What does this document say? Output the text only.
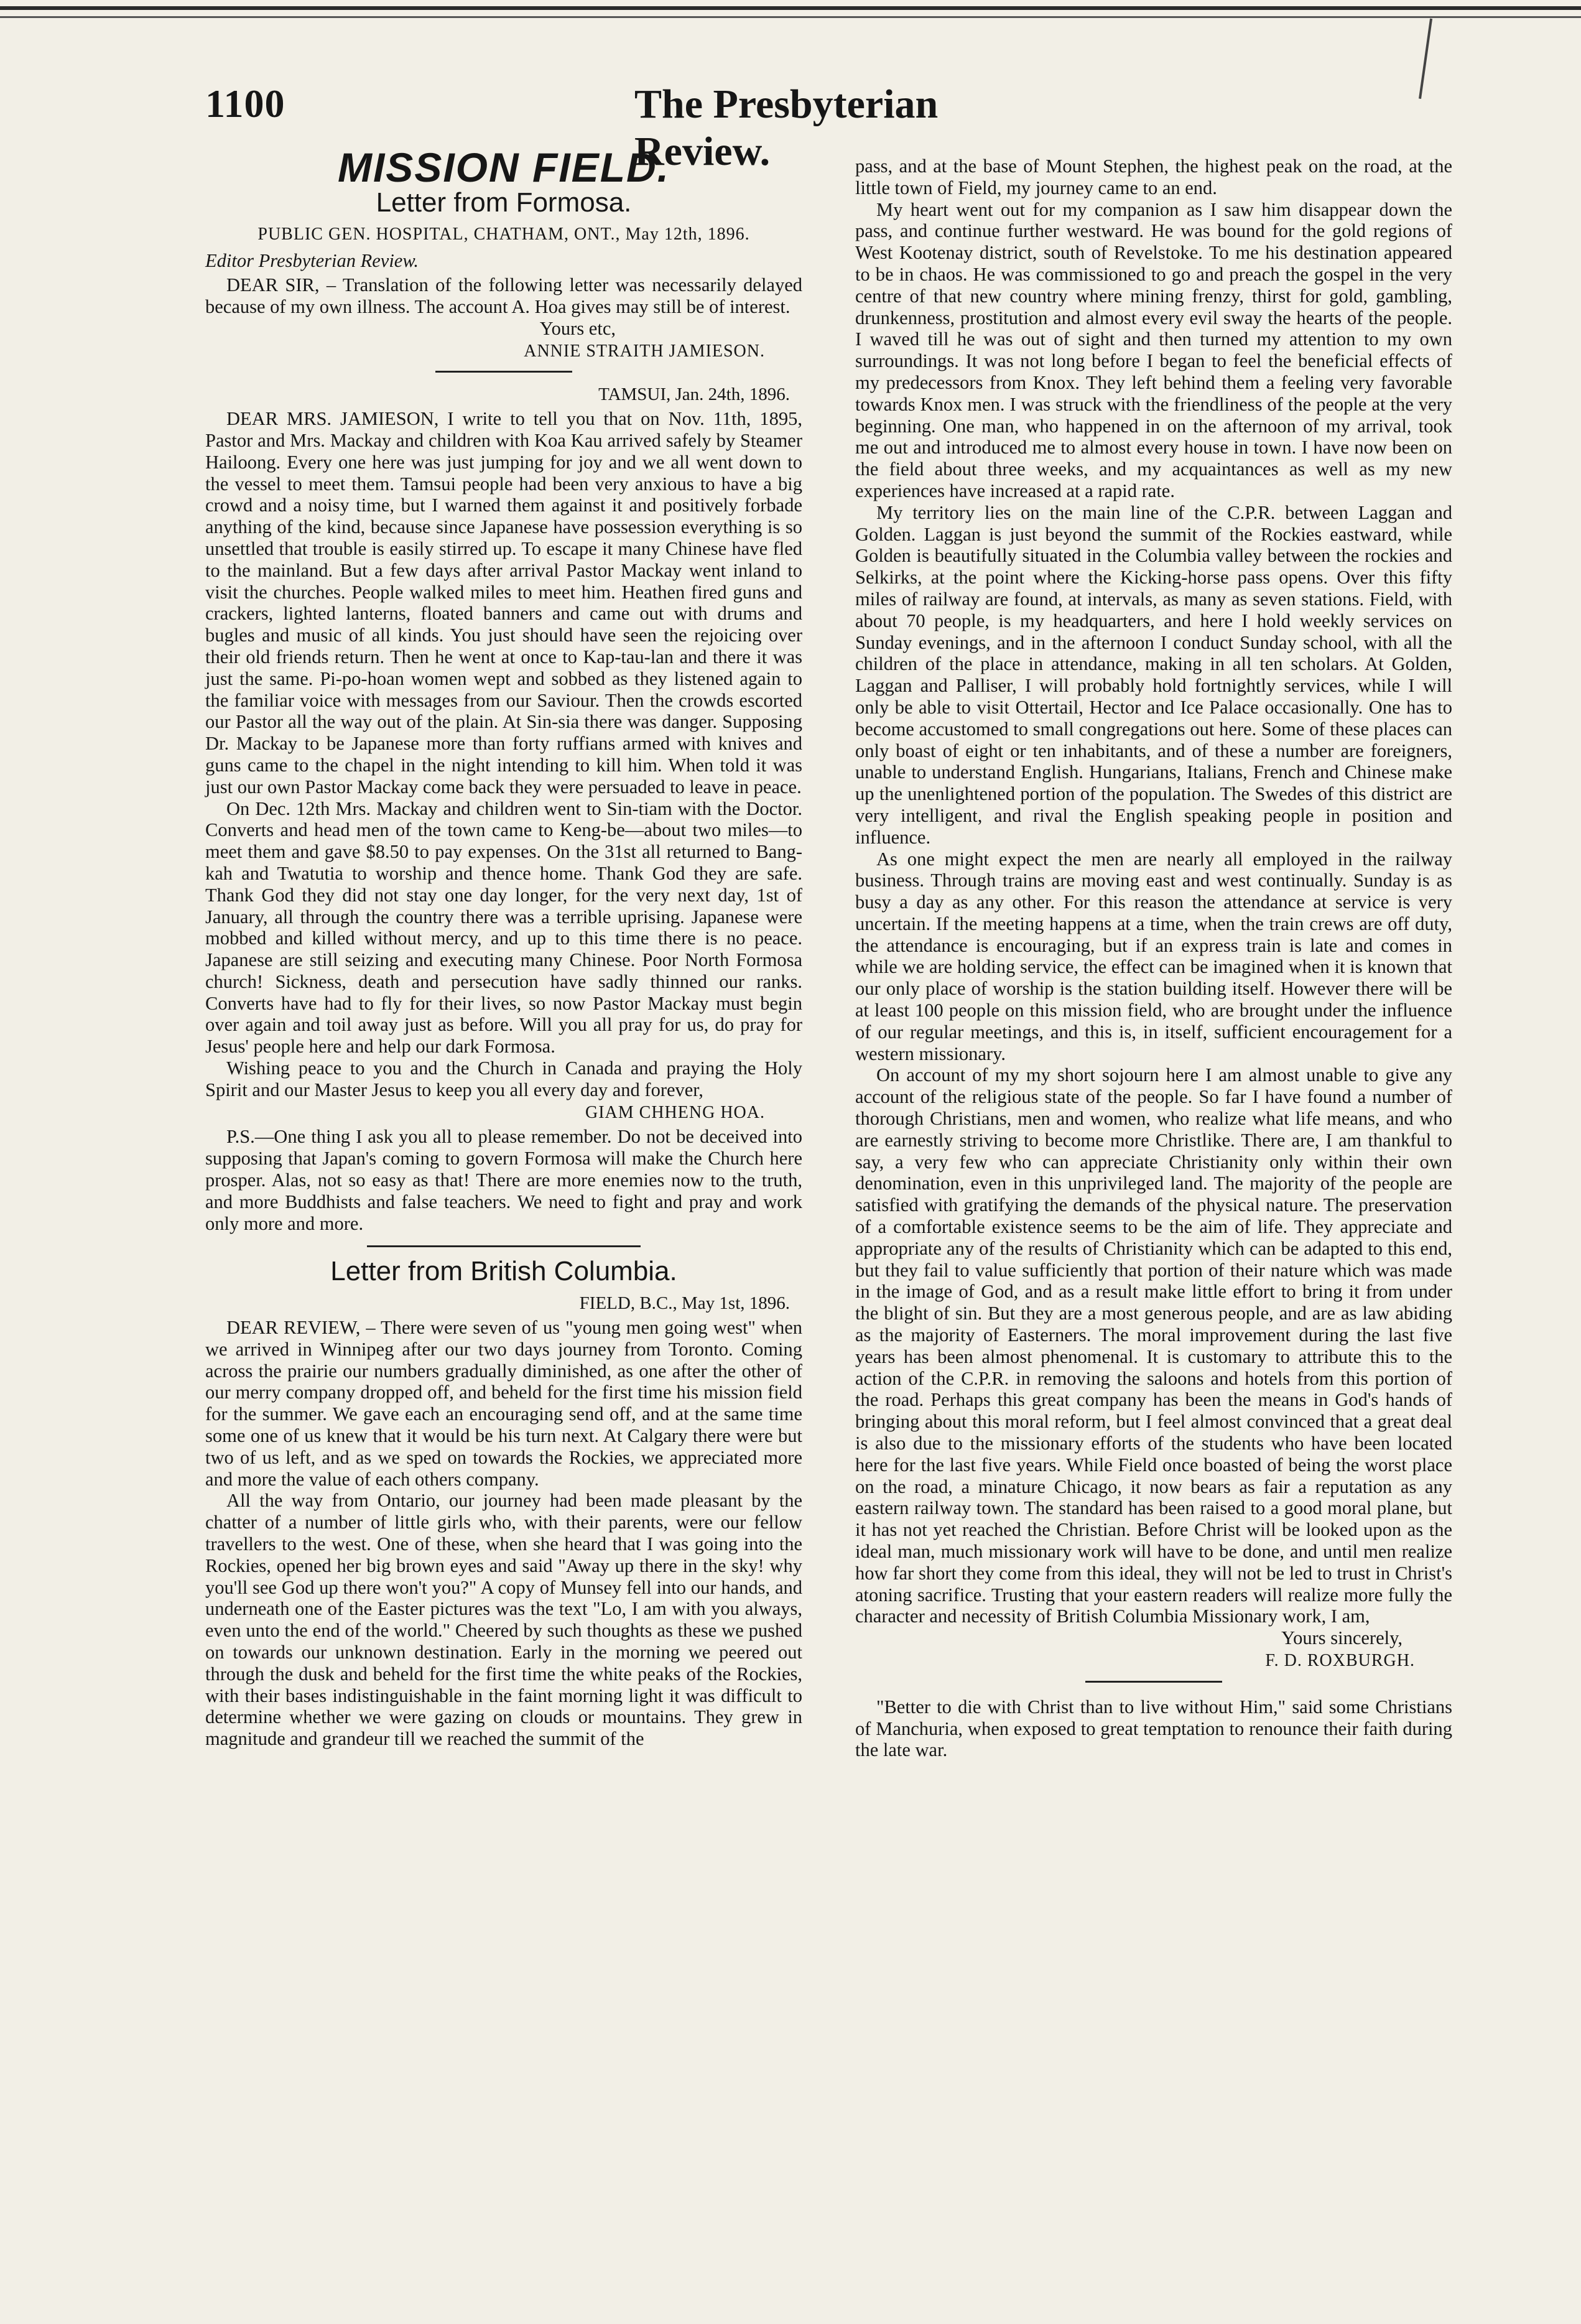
1100	The Presbyterian Review.
MISSION FIELD.
Letter from Formosa.
PUBLIC GEN. HOSPITAL, CHATHAM, ONT., May 12th, 1896.

Editor Presbyterian Review.

DEAR SIR, – Translation of the following letter was necessarily delayed because of my own illness. The account A. Hoa gives may still be of interest.

Yours etc,
ANNIE STRAITH JAMIESON.
TAMSUI, Jan. 24th, 1896.

DEAR MRS. JAMIESON, I write to tell you that on Nov. 11th, 1895, Pastor and Mrs. Mackay and children with Koa Kau arrived safely by Steamer Hailoong. Every one here was just jumping for joy and we all went down to the vessel to meet them. Tamsui people had been very anxious to have a big crowd and a noisy time, but I warned them against it and positively forbade anything of the kind, because since Japanese have possession everything is so unsettled that trouble is easily stirred up. To escape it many Chinese have fled to the mainland. But a few days after arrival Pastor Mackay went inland to visit the churches. People walked miles to meet him. Heathen fired guns and crackers, lighted lanterns, floated banners and came out with drums and bugles and music of all kinds. You just should have seen the rejoicing over their old friends return. Then he went at once to Kap-tau-lan and there it was just the same. Pi-po-hoan women wept and sobbed as they listened again to the familiar voice with messages from our Saviour. Then the crowds escorted our Pastor all the way out of the plain. At Sin-sia there was danger. Supposing Dr. Mackay to be Japanese more than forty ruffians armed with knives and guns came to the chapel in the night intending to kill him. When told it was just our own Pastor Mackay come back they were persuaded to leave in peace.

On Dec. 12th Mrs. Mackay and children went to Sin-tiam with the Doctor. Converts and head men of the town came to Keng-be—about two miles—to meet them and gave $8.50 to pay expenses. On the 31st all returned to Bang-kah and Twatutia to worship and thence home. Thank God they are safe. Thank God they did not stay one day longer, for the very next day, 1st of January, all through the country there was a terrible uprising. Japanese were mobbed and killed without mercy, and up to this time there is no peace. Japanese are still seizing and executing many Chinese. Poor North Formosa church! Sickness, death and persecution have sadly thinned our ranks. Converts have had to fly for their lives, so now Pastor Mackay must begin over again and toil away just as before. Will you all pray for us, do pray for Jesus' people here and help our dark Formosa.

Wishing peace to you and the Church in Canada and praying the Holy Spirit and our Master Jesus to keep you all every day and forever,

GIAM CHHENG HOA.

P.S.—One thing I ask you all to please remember. Do not be deceived into supposing that Japan's coming to govern Formosa will make the Church here prosper. Alas, not so easy as that! There are more enemies now to the truth, and more Buddhists and false teachers. We need to fight and pray and work only more and more.

Letter from British Columbia.
FIELD, B.C., May 1st, 1896.

DEAR REVIEW, – There were seven of us "young men going west" when we arrived in Winnipeg after our two days journey from Toronto. Coming across the prairie our numbers gradually diminished, as one after the other of our merry company dropped off, and beheld for the first time his mission field for the summer. We gave each an encouraging send off, and at the same time some one of us knew that it would be his turn next. At Calgary there were but two of us left, and as we sped on towards the Rockies, we appreciated more and more the value of each others company.

All the way from Ontario, our journey had been made pleasant by the chatter of a number of little girls who, with their parents, were our fellow travellers to the west. One of these, when she heard that I was going into the Rockies, opened her big brown eyes and said "Away up there in the sky! why you'll see God up there won't you?" A copy of Munsey fell into our hands, and underneath one of the Easter pictures was the text "Lo, I am with you always, even unto the end of the world." Cheered by such thoughts as these we pushed on towards our unknown destination. Early in the morning we peered out through the dusk and beheld for the first time the white peaks of the Rockies, with their bases indistinguishable in the faint morning light it was difficult to determine whether we were gazing on clouds or mountains. They grew in magnitude and grandeur till we reached the summit of the

pass, and at the base of Mount Stephen, the highest peak on the road, at the little town of Field, my journey came to an end.

My heart went out for my companion as I saw him disappear down the pass, and continue further westward. He was bound for the gold regions of West Kootenay district, south of Revelstoke. To me his destination appeared to be in chaos. He was commissioned to go and preach the gospel in the very centre of that new country where mining frenzy, thirst for gold, gambling, drunkenness, prostitution and almost every evil sway the hearts of the people. I waved till he was out of sight and then turned my attention to my own surroundings. It was not long before I began to feel the beneficial effects of my predecessors from Knox. They left behind them a feeling very favorable towards Knox men. I was struck with the friendliness of the people at the very beginning. One man, who happened in on the afternoon of my arrival, took me out and introduced me to almost every house in town. I have now been on the field about three weeks, and my acquaintances as well as my new experiences have increased at a rapid rate.

My territory lies on the main line of the C.P.R. between Laggan and Golden. Laggan is just beyond the summit of the Rockies eastward, while Golden is beautifully situated in the Columbia valley between the rockies and Selkirks, at the point where the Kicking-horse pass opens. Over this fifty miles of railway are found, at intervals, as many as seven stations. Field, with about 70 people, is my headquarters, and here I hold weekly services on Sunday evenings, and in the afternoon I conduct Sunday school, with all the children of the place in attendance, making in all ten scholars. At Golden, Laggan and Palliser, I will probably hold fortnightly services, while I will only be able to visit Ottertail, Hector and Ice Palace occasionally. One has to become accustomed to small congregations out here. Some of these places can only boast of eight or ten inhabitants, and of these a number are foreigners, unable to understand English. Hungarians, Italians, French and Chinese make up the unenlightened portion of the population. The Swedes of this district are very intelligent, and rival the English speaking people in position and influence.

As one might expect the men are nearly all employed in the railway business. Through trains are moving east and west continually. Sunday is as busy a day as any other. For this reason the attendance at service is very uncertain. If the meeting happens at a time, when the train crews are off duty, the attendance is encouraging, but if an express train is late and comes in while we are holding service, the effect can be imagined when it is known that our only place of worship is the station building itself. However there will be at least 100 people on this mission field, who are brought under the influence of our regular meetings, and this is, in itself, sufficient encouragement for a western missionary.

On account of my my short sojourn here I am almost unable to give any account of the religious state of the people. So far I have found a number of thorough Christians, men and women, who realize what life means, and who are earnestly striving to become more Christlike. There are, I am thankful to say, a very few who can appreciate Christianity only within their own denomination, even in this unprivileged land. The majority of the people are satisfied with gratifying the demands of the physical nature. The preservation of a comfortable existence seems to be the aim of life. They appreciate and appropriate any of the results of Christianity which can be adapted to this end, but they fail to value sufficiently that portion of their nature which was made in the image of God, and as a result make little effort to bring it from under the blight of sin. But they are a most generous people, and are as law abiding as the majority of Easterners. The moral improvement during the last five years has been almost phenomenal. It is customary to attribute this to the action of the C.P.R. in removing the saloons and hotels from this portion of the road. Perhaps this great company has been the means in God's hands of bringing about this moral reform, but I feel almost convinced that a great deal is also due to the missionary efforts of the students who have been located here for the last five years. While Field once boasted of being the worst place on the road, a minature Chicago, it now bears as fair a reputation as any eastern railway town. The standard has been raised to a good moral plane, but it has not yet reached the Christian. Before Christ will be looked upon as the ideal man, much missionary work will have to be done, and until men realize how far short they come from this ideal, they will not be led to trust in Christ's atoning sacrifice. Trusting that your eastern readers will realize more fully the character and necessity of British Columbia Missionary work, I am,

Yours sincerely,
F. D. ROXBURGH.

"Better to die with Christ than to live without Him," said some Christians of Manchuria, when exposed to great temptation to renounce their faith during the late war.
